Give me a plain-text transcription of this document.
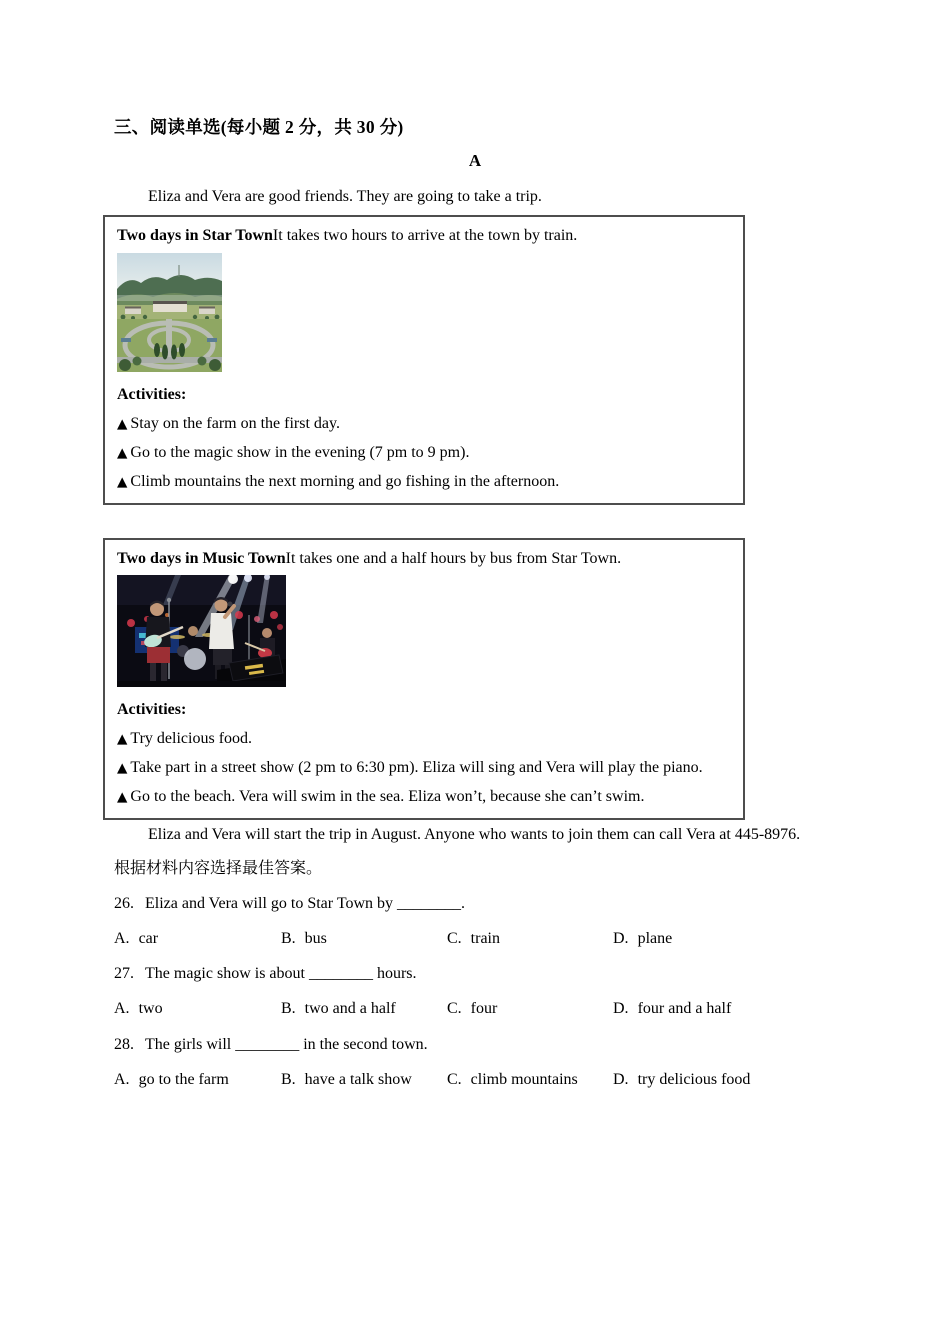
三、阅读单选(每小题 2 分，共 30 分)
A
Eliza and Vera are good friends. They are going to take a trip.
Two days in Star TownIt takes two hours to arrive at the town by train.
Activities:
▲ Stay on the farm on the first day.
▲ Go to the magic show in the evening (7 pm to 9 pm).
▲ Climb mountains the next morning and go fishing in the afternoon.
Two days in Music TownIt takes one and a half hours by bus from Star Town.
Activities:
▲ Try delicious food.
▲ Take part in a street show (2 pm to 6:30 pm). Eliza will sing and Vera will play the piano.
▲ Go to the beach. Vera will swim in the sea. Eliza won’t, because she can’t swim.
Eliza and Vera will start the trip in August. Anyone who wants to join them can call Vera at 445-8976.
根据材料内容选择最佳答案。
26. Eliza and Vera will go to Star Town by ________.
A. car	B. bus	C. train	D. plane
27. The magic show is about ________ hours.
A. two	B. two and a half	C. four	D. four and a half
28. The girls will ________ in the second town.
A. go to the farm	B. have a talk show C. climb mountains D. try delicious food
